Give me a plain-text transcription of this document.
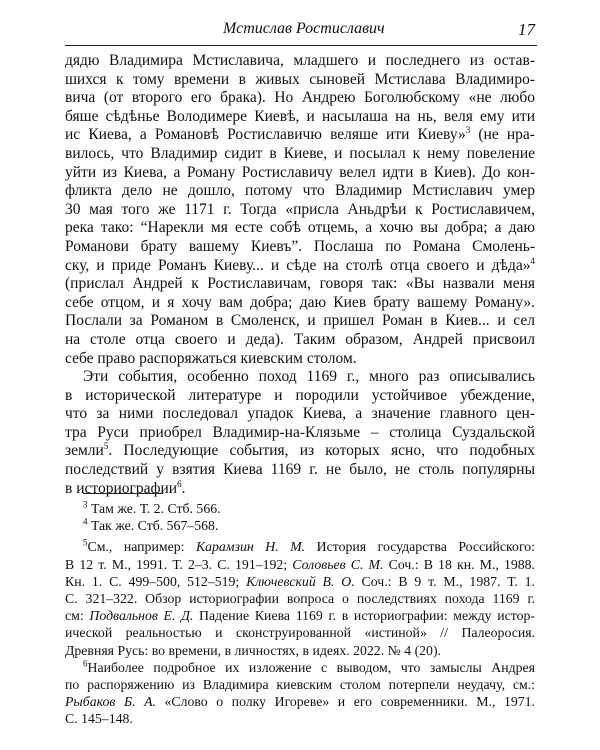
Мстислав Ростиславич	17

дядю Владимира Мстиславича, младшего и последнего из остав-
шихся к тому времени в живых сыновей Мстислава Владимиро-
вича (от второго его брака). Но Андрею Боголюбскому «не любо
бяше сѣдѣнье Володимере Киевѣ, и насылаша на нь, веля ему ити
ис Киева, а Романовѣ Ростиславичю веляше ити Киеву»$^3$ (не нра-
вилось, что Владимир сидит в Киеве, и посылал к нему повеление
уйти из Киева, а Роману Ростиславичу велел идти в Киев). До кон-
фликта дело не дошло, потому что Владимир Мстиславич умер
30 мая того же 1171 г. Тогда «присла Аньдрѣи к Ростиславичем,
река тако: “Нарекли мя есте собѣ отцемь, а хочю вы добра; а даю
Романови брату вашему Киевъ”. Послаша по Романа Смолень-
ску, и приде Романъ Киеву... и сѣде на столѣ отца своего и дѣда»$^4$
(прислал Андрей к Ростиславичам, говоря так: «Вы назвали меня
себе отцом, и я хочу вам добра; даю Киев брату вашему Роману».
Послали за Романом в Смоленск, и пришел Роман в Киев... и сел
на столе отца своего и деда). Таким образом, Андрей присвоил
себе право распоряжаться киевским столом.

Эти события, особенно поход 1169 г., много раз описывались
в исторической литературе и породили устойчивое убеждение,
что за ними последовал упадок Киева, а значение главного цен-
тра Руси приобрел Владимир-на-Клязьме – столица Суздальской
земли$^5$. Последующие события, из которых ясно, что подобных
последствий у взятия Киева 1169 г. не было, не столь популярны
в историографии$^6$.

$^3$ Там же. Т. 2. Стб. 566.
$^4$ Так же. Стб. 567–568.
$^5$См., например: Карамзин Н. М. История государства Российского:
В 12 т. М., 1991. Т. 2–3. С. 191–192; Соловьев С. М. Соч.: В 18 кн. М., 1988.
Кн. 1. С. 499–500, 512–519; Ключевский В. О. Соч.: В 9 т. М., 1987. Т. 1.
С. 321–322. Обзор историографии вопроса о последствиях похода 1169 г.
см: Подвальнов Е. Д. Падение Киева 1169 г. в историографии: между истор-
ической реальностью и сконструированной «истиной» // Палеоросия.
Древняя Русь: во времени, в личностях, в идеях. 2022. № 4 (20).
$^6$Наиболее подробное их изложение с выводом, что замыслы Андрея
по распоряжению из Владимира киевским столом потерпели неудачу, см.:
Рыбаков Б. А. «Слово о полку Игореве» и его современники. М., 1971.
С. 145–148.
